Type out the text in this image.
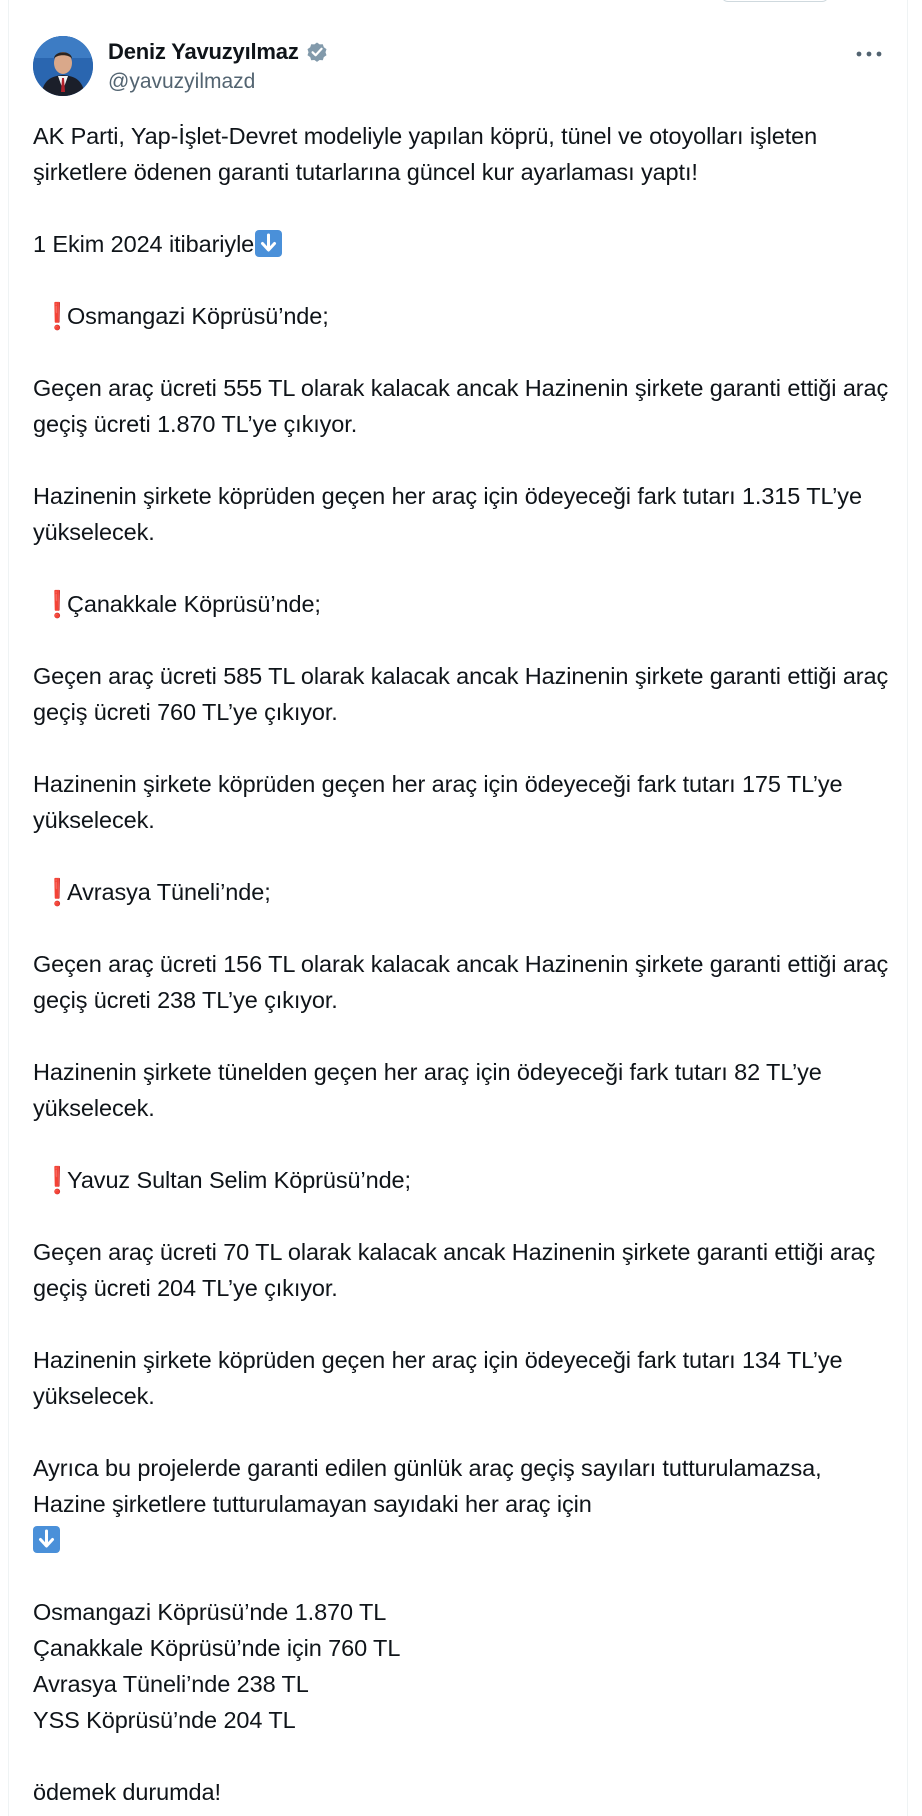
Deniz Yavuzyılmaz
@yavuzyilmazd
AK Parti, Yap-İşlet-Devret modeliyle yapılan köprü, tünel ve otoyolları işleten şirketlere ödenen garanti tutarlarına güncel kur ayarlaması yaptı!
1 Ekim 2024 itibariyle
❗Osmangazi Köprüsü’nde;
Geçen araç ücreti 555 TL olarak kalacak ancak Hazinenin şirkete garanti ettiği araç geçiş ücreti 1.870 TL’ye çıkıyor.
Hazinenin şirkete köprüden geçen her araç için ödeyeceği fark tutarı 1.315 TL’ye yükselecek.
❗Çanakkale Köprüsü’nde;
Geçen araç ücreti 585 TL olarak kalacak ancak Hazinenin şirkete garanti ettiği araç geçiş ücreti 760 TL’ye çıkıyor.
Hazinenin şirkete köprüden geçen her araç için ödeyeceği fark tutarı 175 TL’ye yükselecek.
❗Avrasya Tüneli’nde;
Geçen araç ücreti 156 TL olarak kalacak ancak Hazinenin şirkete garanti ettiği araç geçiş ücreti 238 TL’ye çıkıyor.
Hazinenin şirkete tünelden geçen her araç için ödeyeceği fark tutarı 82 TL’ye yükselecek.
❗Yavuz Sultan Selim Köprüsü’nde;
Geçen araç ücreti 70 TL olarak kalacak ancak Hazinenin şirkete garanti ettiği araç geçiş ücreti 204 TL’ye çıkıyor.
Hazinenin şirkete köprüden geçen her araç için ödeyeceği fark tutarı 134 TL’ye yükselecek.
Ayrıca bu projelerde garanti edilen günlük araç geçiş sayıları tutturulamazsa, Hazine şirketlere tutturulamayan sayıdaki her araç için
Osmangazi Köprüsü’nde 1.870 TL
Çanakkale Köprüsü’nde için 760 TL
Avrasya Tüneli’nde 238 TL
YSS Köprüsü’nde 204 TL
ödemek durumda!
